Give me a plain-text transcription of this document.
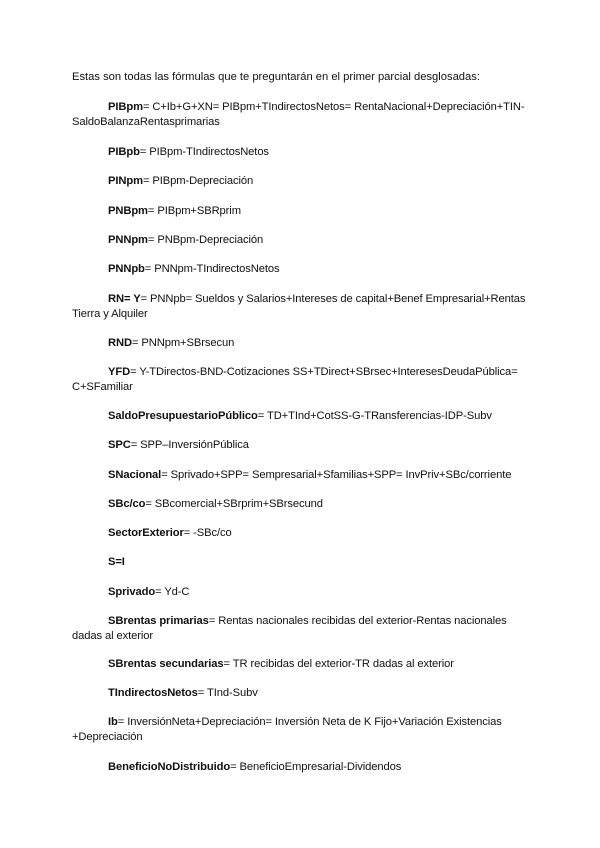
Estas son todas las fórmulas que te preguntarán en el primer parcial desglosadas:
PIBpm= C+Ib+G+XN= PIBpm+TIndirectosNetos= RentaNacional+Depreciación+TIN-SaldoBalanzaRentasprimarias
PIBpb= PIBpm-TIndirectosNetos
PINpm= PIBpm-Depreciación
PNBpm= PIBpm+SBRprim
PNNpm= PNBpm-Depreciación
PNNpb= PNNpm-TIndirectosNetos
RN= Y= PNNpb= Sueldos y Salarios+Intereses de capital+Benef Empresarial+Rentas Tierra y Alquiler
RND= PNNpm+SBrsecun
YFD= Y-TDirectos-BND-Cotizaciones SS+TDirect+SBrsec+InteresesDeudaPública= C+SFamiliar
SaldoPresupuestarioPúblico= TD+TInd+CotSS-G-TRansferencias-IDP-Subv
SPC= SPP–InversiónPública
SNacional= Sprivado+SPP= Sempresarial+Sfamilias+SPP= InvPriv+SBc/corriente
SBc/co= SBcomercial+SBrprim+SBrsecund
SectorExterior= -SBc/co
S=I
Sprivado= Yd-C
SBrentas primarias= Rentas nacionales recibidas del exterior-Rentas nacionales dadas al exterior
SBrentas secundarias= TR recibidas del exterior-TR dadas al exterior
TIndirectosNetos= TInd-Subv
Ib= InversiónNeta+Depreciación= Inversión Neta de K Fijo+Variación Existencias +Depreciación
BeneficioNoDistribuido= BeneficioEmpresarial-Dividendos
